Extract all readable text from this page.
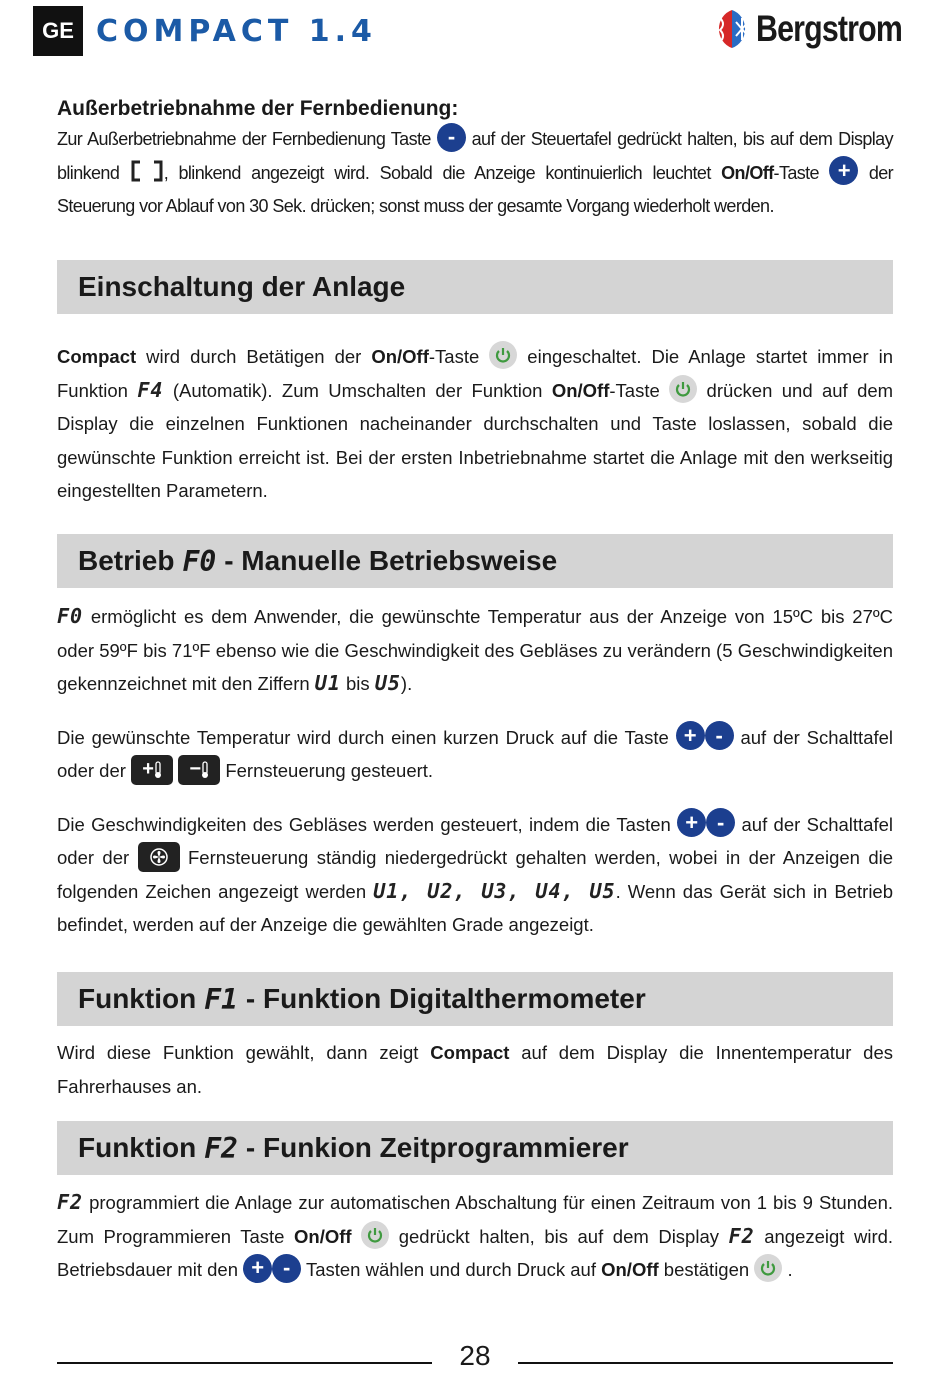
GE COMPACT 1.4	Bergstrom

Außerbetriebnahme der Fernbedienung:

Zur Außerbetriebnahme der Fernbedienung Taste - auf der Steuertafel gedrückt halten, bis auf dem Display blinkend , blinkend angezeigt wird. Sobald die Anzeige kontinuierlich leuchtet On/Off-Taste + der Steuerung vor Ablauf von 30 Sek. drücken; sonst muss der gesamte Vorgang wiederholt werden.

Einschaltung der Anlage

Compact wird durch Betätigen der On/Off-Taste	eingeschaltet. Die Anlage startet immer in Funktion F4 (Automatik). Zum Umschalten der Funktion On/Off-Taste	drücken und auf dem Display die einzelnen Funktionen nacheinander durchschalten und Taste loslassen, sobald die gewünschte Funktion erreicht ist. Bei der ersten Inbetriebnahme startet die Anlage mit den werkseitig eingestellten Parametern.

Betrieb F0 - Manuelle Betriebsweise

F0 ermöglicht es dem Anwender, die gewünschte Temperatur aus der Anzeige von 15ºC bis 27ºC oder 59ºF bis 71ºF ebenso wie die Geschwindigkeit des Gebläses zu verändern (5 Geschwindigkeiten gekennzeichnet mit den Ziffern U1 bis U5).

Die gewünschte Temperatur wird durch einen kurzen Druck auf die Taste + - auf der Schalttafel oder der +
− Fernsteuerung gesteuert.

Die Geschwindigkeiten des Gebläses werden gesteuert, indem die Tasten + - auf der Schalttafel oder der	Fernsteuerung ständig niedergedrückt gehalten werden, wobei in der Anzeigen die folgenden Zeichen angezeigt werden U1, U2, U3, U4, U5. Wenn das Gerät sich in Betrieb befindet, werden auf der Anzeige die gewählten Grade angezeigt.

Funktion F1 - Funktion Digitalthermometer

Wird diese Funktion gewählt, dann zeigt Compact auf dem Display die Innentemperatur des Fahrerhauses an.

Funktion F2 - Funkion Zeitprogrammierer

F2 programmiert die Anlage zur automatischen Abschaltung für einen Zeitraum von 1 bis 9 Stunden. Zum Programmieren Taste On/Off	gedrückt halten, bis auf dem Display F2 angezeigt wird. Betriebsdauer mit den + - Tasten wählen und durch Druck auf On/Off bestätigen .

28
